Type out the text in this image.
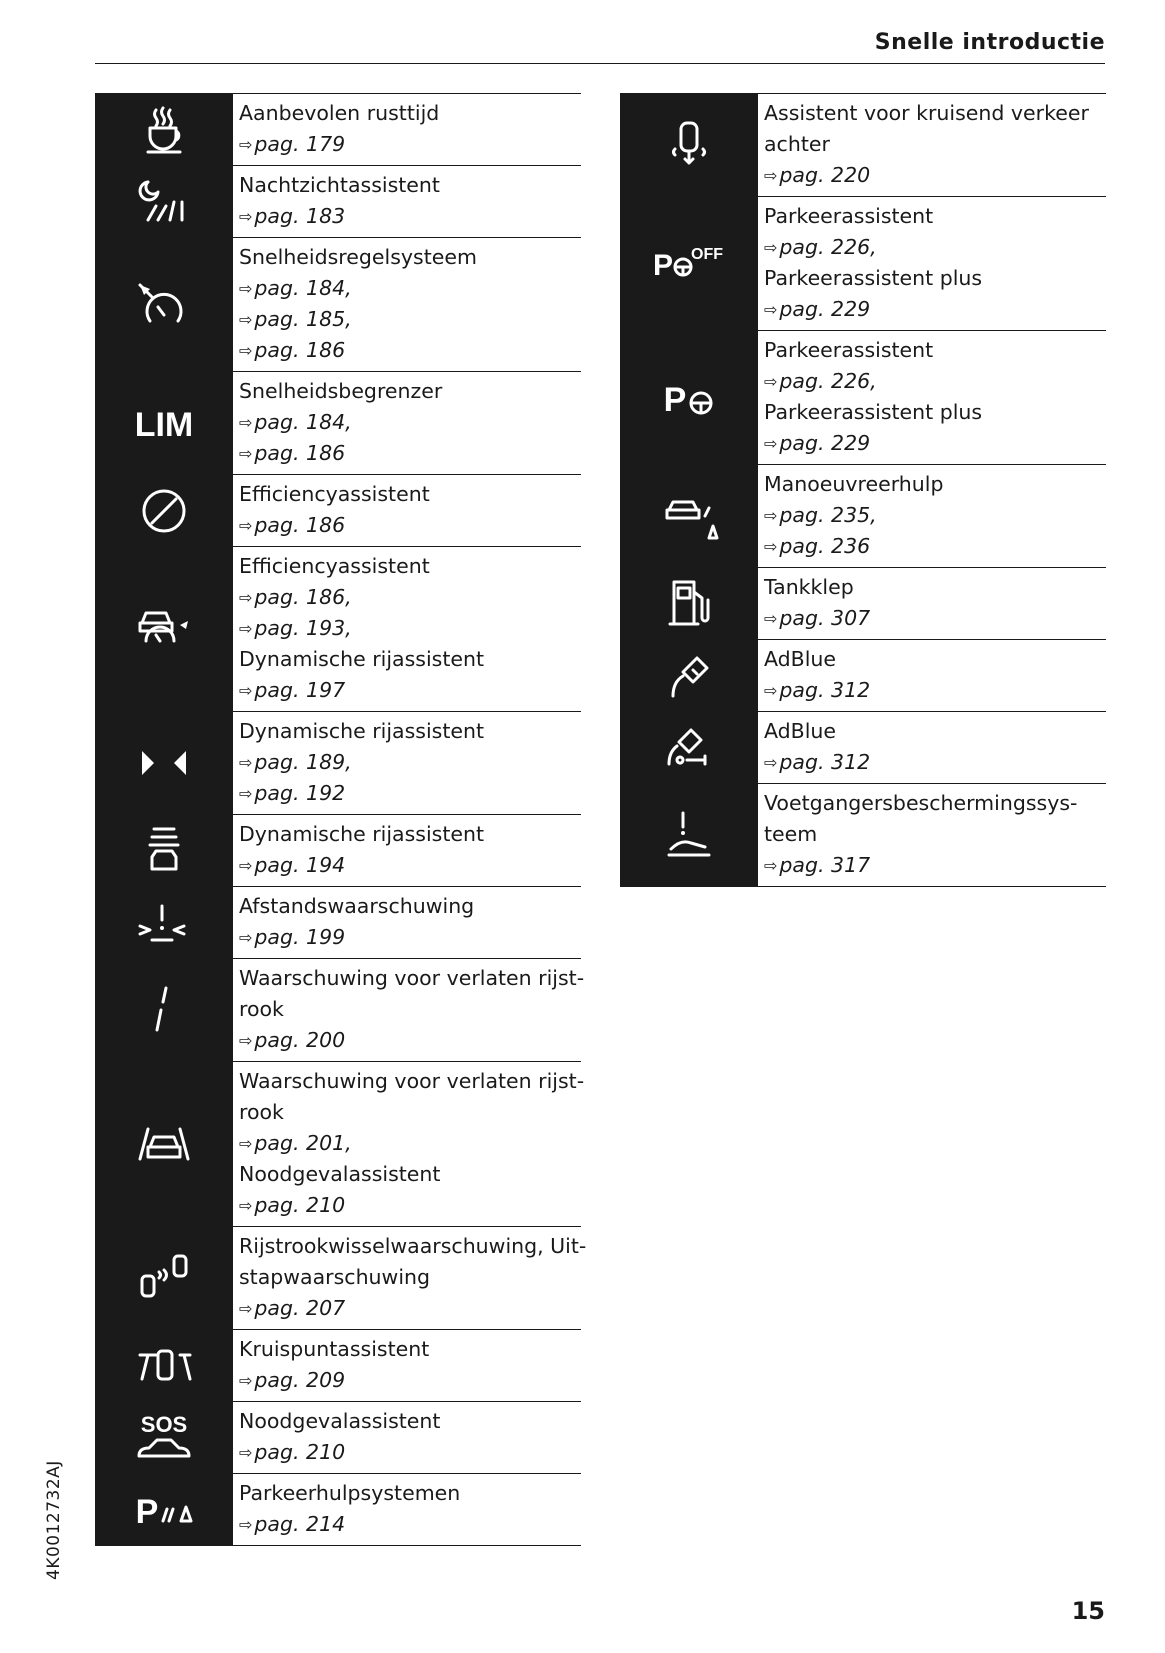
Snelle introductie
Aanbevolen rusttijd
⇨pag. 179
Nachtzichtassistent
⇨pag. 183
Snelheidsregelsysteem
⇨pag. 184,
⇨pag. 185,
⇨pag. 186
LIM
Snelheidsbegrenzer
⇨pag. 184,
⇨pag. 186
Efficiencyassistent
⇨pag. 186
Efficiencyassistent
⇨pag. 186,
⇨pag. 193,
Dynamische rijassistent
⇨pag. 197
Dynamische rijassistent
⇨pag. 189,
⇨pag. 192
Dynamische rijassistent
⇨pag. 194
Afstandswaarschuwing
⇨pag. 199
Waarschuwing voor verlaten rijst-
rook
⇨pag. 200
Waarschuwing voor verlaten rijst-
rook
⇨pag. 201,
Noodgevalassistent
⇨pag. 210
Rijstrookwisselwaarschuwing, Uit-
stapwaarschuwing
⇨pag. 207
Kruispuntassistent
⇨pag. 209
SOS	Noodgevalassistent
⇨pag. 210
P	Parkeerhulpsystemen
⇨pag. 214
Assistent voor kruisend verkeer
achter
⇨pag. 220
P OFF
Parkeerassistent
⇨pag. 226,
Parkeerassistent plus
⇨pag. 229
P
Parkeerassistent
⇨pag. 226,
Parkeerassistent plus
⇨pag. 229
Manoeuvreerhulp
⇨pag. 235,
⇨pag. 236
Tankklep
⇨pag. 307
AdBlue
⇨pag. 312
AdBlue
⇨pag. 312
Voetgangersbeschermingssys-
teem
⇨pag. 317
4K0012732AJ
15
